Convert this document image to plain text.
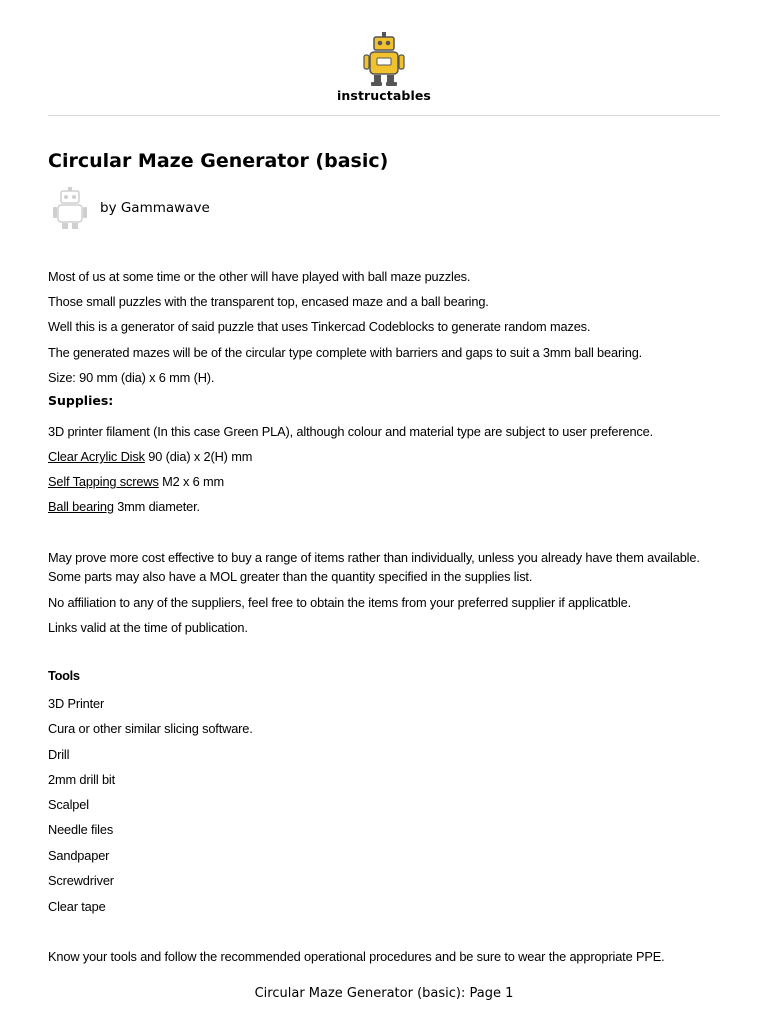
instructables
Circular Maze Generator (basic)
by Gammawave
Most of us at some time or the other will have played with ball maze puzzles.
Those small puzzles with the transparent top, encased maze and a ball bearing.
Well this is a generator of said puzzle that uses Tinkercad Codeblocks to generate random mazes.
The generated mazes will be of the circular type complete with barriers and gaps to suit a 3mm ball bearing.
Size: 90 mm (dia) x 6 mm (H).
Supplies:
3D printer filament (In this case Green PLA), although colour and material type are subject to user preference.
Clear Acrylic Disk 90 (dia) x 2(H) mm
Self Tapping screws M2 x 6 mm
Ball bearing 3mm diameter.
May prove more cost effective to buy a range of items rather than individually, unless you already have them available.
Some parts may also have a MOL greater than the quantity specified in the supplies list.
No affiliation to any of the suppliers, feel free to obtain the items from your preferred supplier if applicatble.
Links valid at the time of publication.
Tools
3D Printer
Cura or other similar slicing software.
Drill
2mm drill bit
Scalpel
Needle files
Sandpaper
Screwdriver
Clear tape
Know your tools and follow the recommended operational procedures and be sure to wear the appropriate PPE.
Circular Maze Generator (basic): Page 1
